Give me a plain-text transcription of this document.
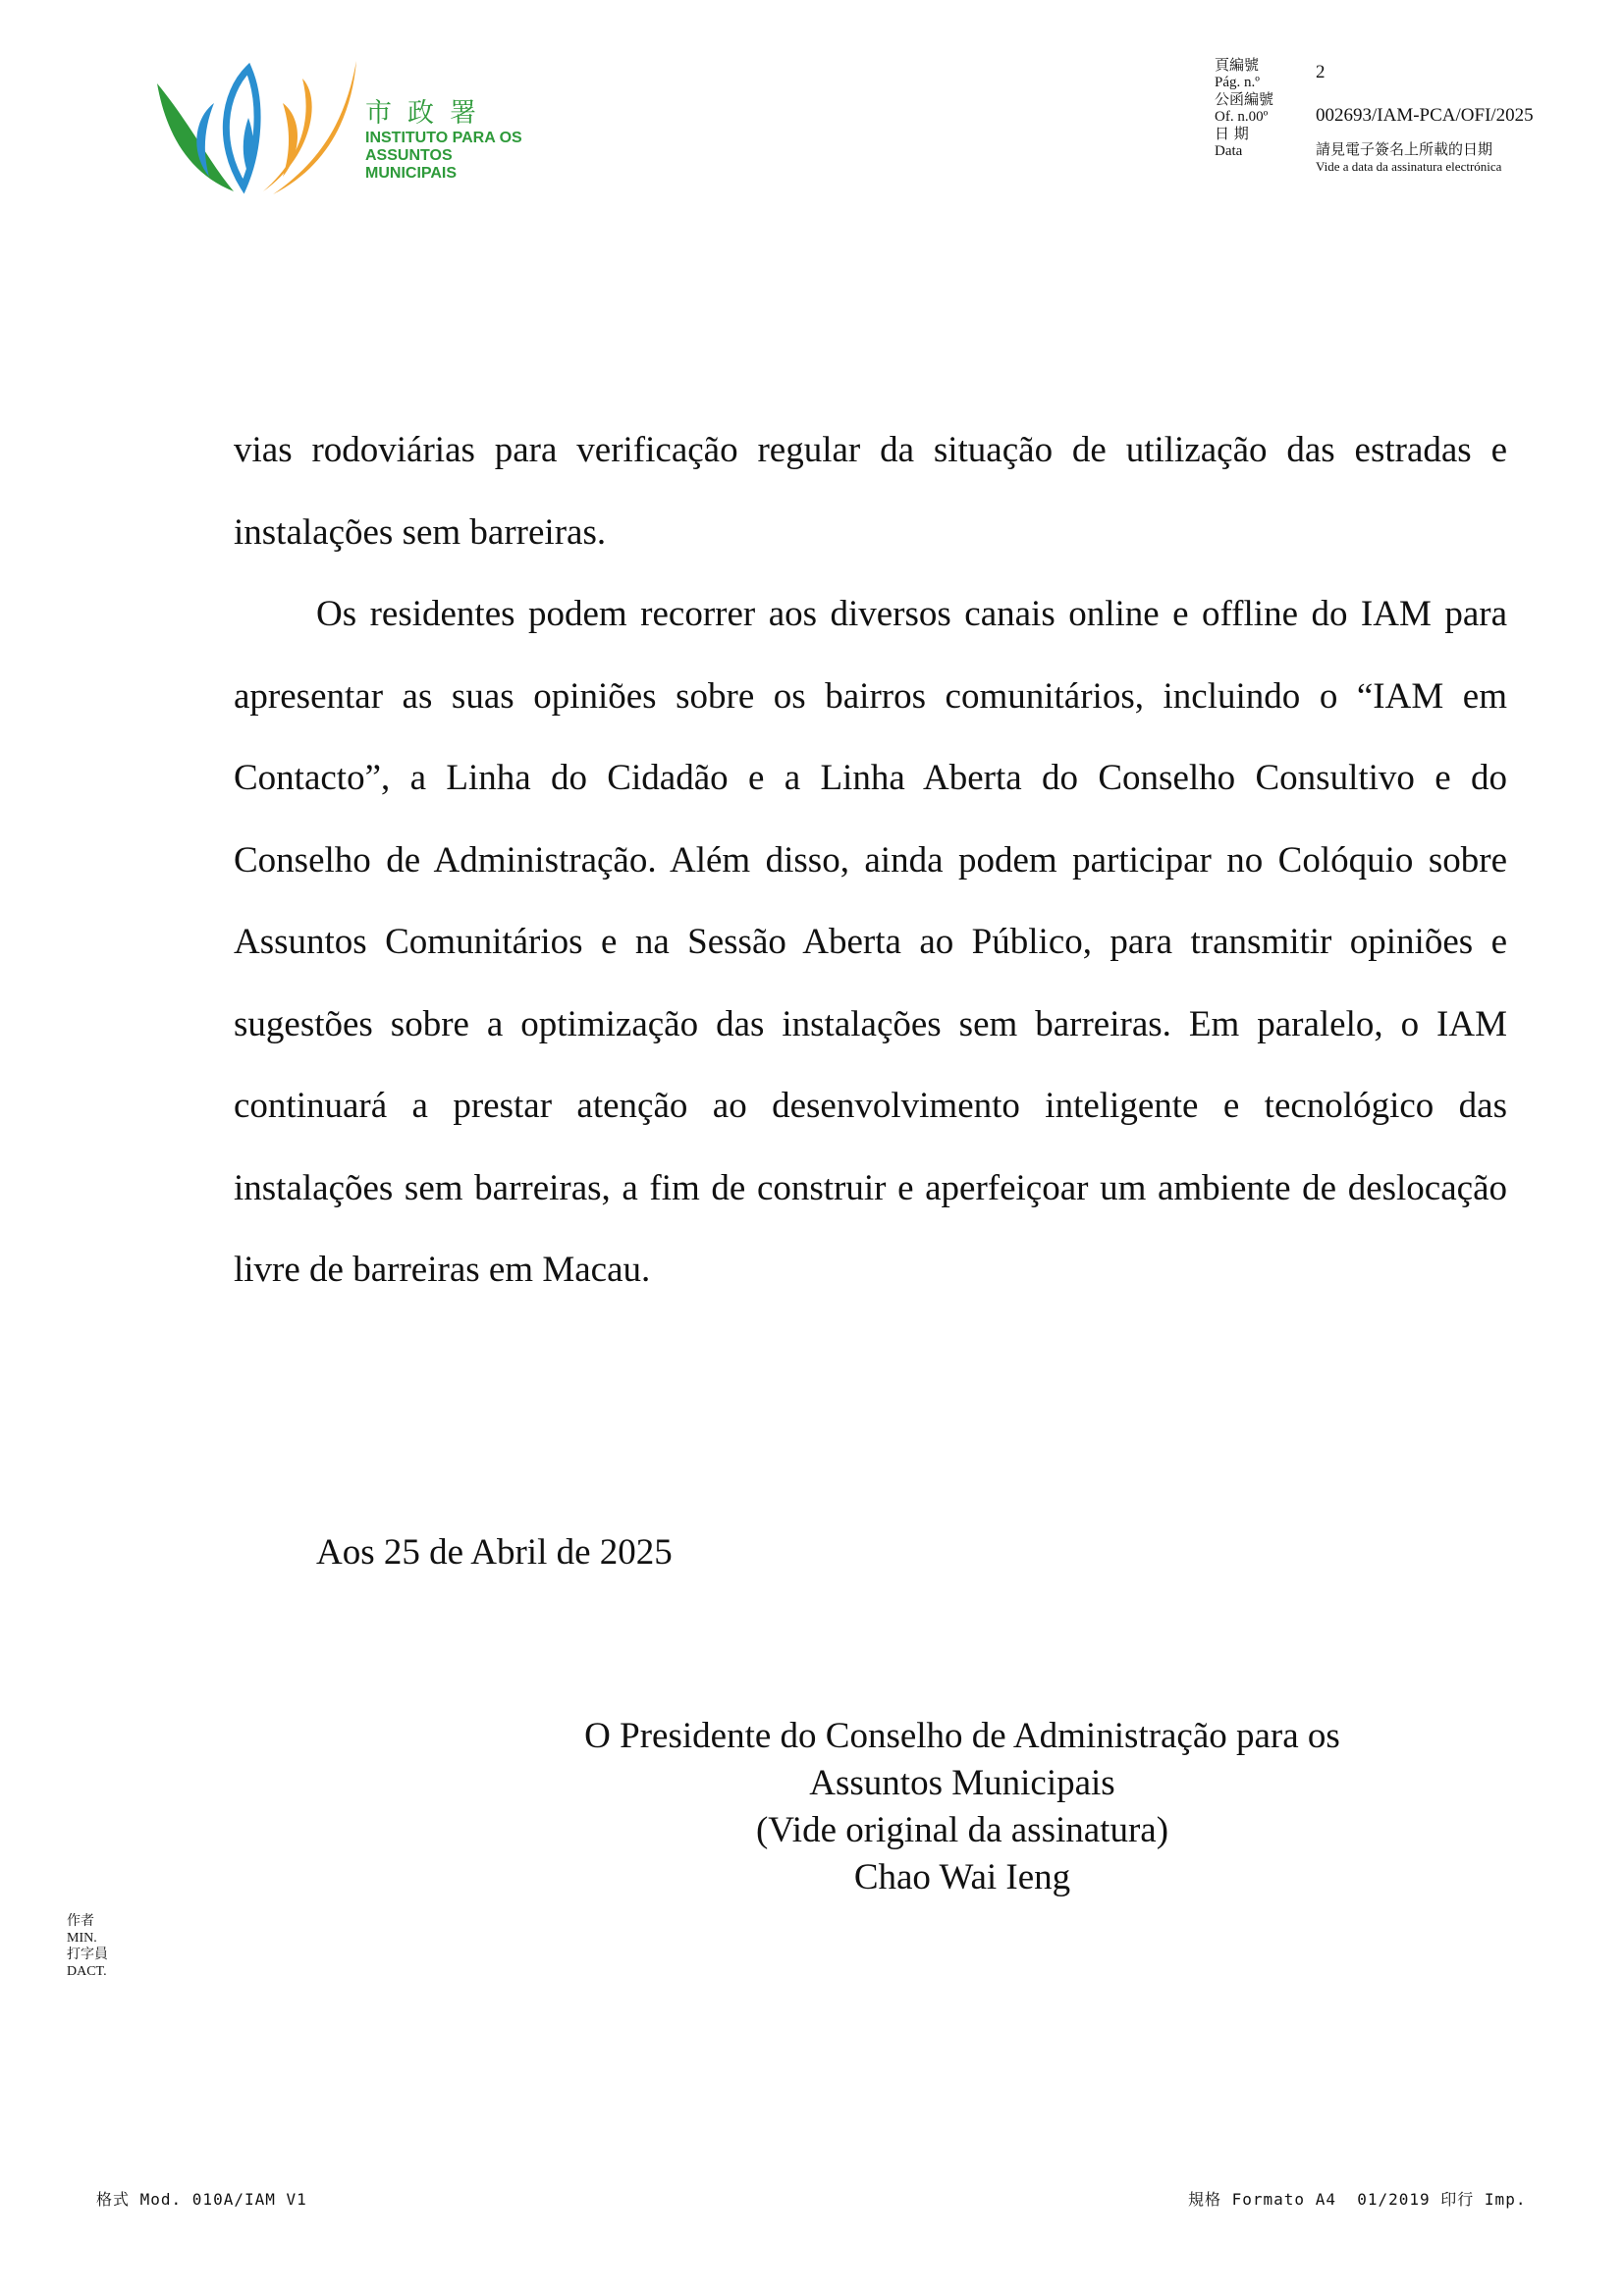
市政署
INSTITUTO PARA OS
ASSUNTOS MUNICIPAIS
頁編號
Pág. n.º
公函編號
Of. n.00º
日 期
Data
2
002693/IAM-PCA/OFI/2025
請見電子簽名上所載的日期
Vide a data da assinatura electrónica

vias rodoviárias para verificação regular da situação de utilização das estradas e instalações sem barreiras.

Os residentes podem recorrer aos diversos canais online e offline do IAM para apresentar as suas opiniões sobre os bairros comunitários, incluindo o “IAM em Contacto”, a Linha do Cidadão e a Linha Aberta do Conselho Consultivo e do Conselho de Administração. Além disso, ainda podem participar no Colóquio sobre Assuntos Comunitários e na Sessão Aberta ao Público, para transmitir opiniões e sugestões sobre a optimização das instalações sem barreiras. Em paralelo, o IAM continuará a prestar atenção ao desenvolvimento inteligente e tecnológico das instalações sem barreiras, a fim de construir e aperfeiçoar um ambiente de deslocação livre de barreiras em Macau.

Aos 25 de Abril de 2025
O Presidente do Conselho de Administração para os
Assuntos Municipais
(Vide original da assinatura)
Chao Wai Ieng
作者
MIN.
打字員
DACT.
格式 Mod. 010A/IAM V1	規格 Formato A4  01/2019 印行 Imp.
